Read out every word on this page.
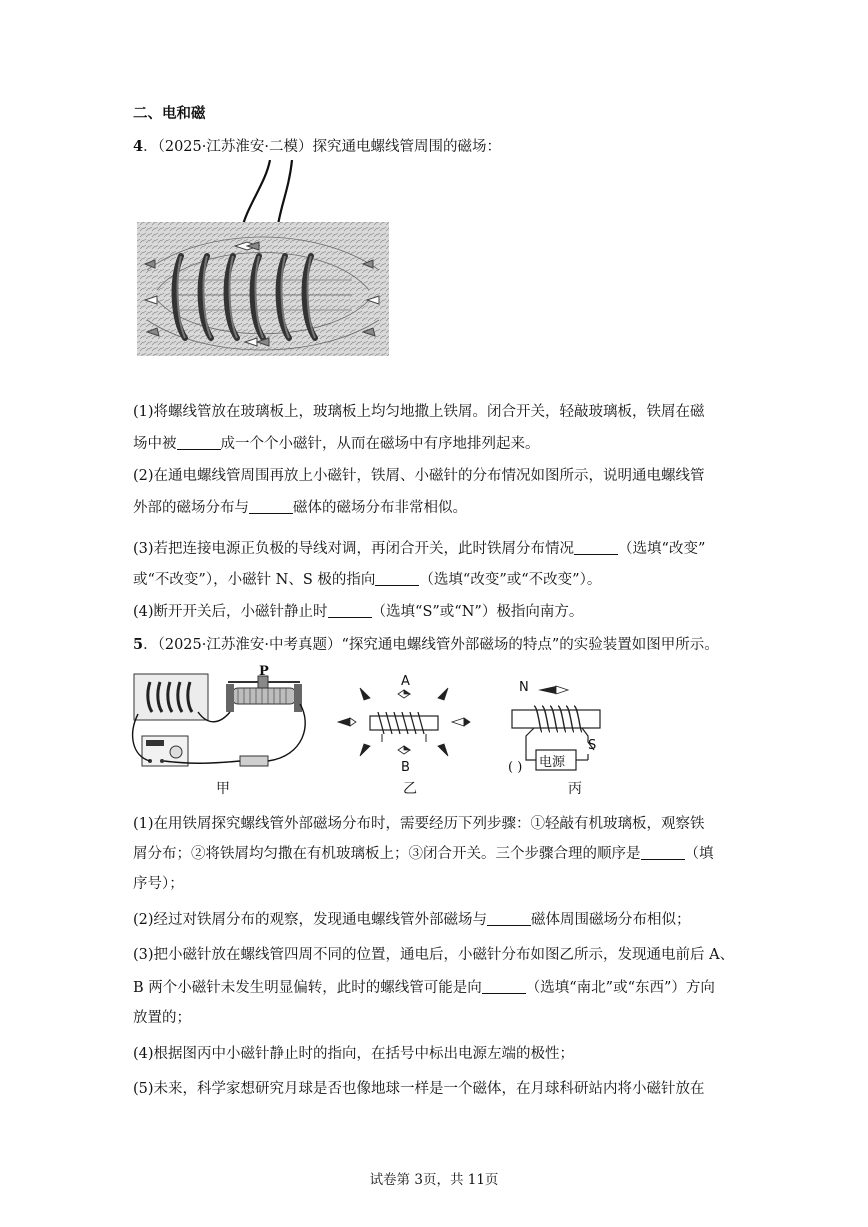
二、电和磁
4．（2025·江苏淮安·二模）探究通电螺线管周围的磁场：
(1)将螺线管放在玻璃板上，玻璃板上均匀地撒上铁屑。闭合开关，轻敲玻璃板，铁屑在磁
场中被	成一个个小磁针，从而在磁场中有序地排列起来。
(2)在通电螺线管周围再放上小磁针，铁屑、小磁针的分布情况如图所示，说明通电螺线管
外部的磁场分布与	磁体的磁场分布非常相似。
(3)若把连接电源正负极的导线对调，再闭合开关，此时铁屑分布情况	（选填“改变”
或“不改变”），小磁针 N、S 极的指向	（选填“改变”或“不改变”）。
(4)断开开关后，小磁针静止时	（选填“S”或“N”）极指向南方。
5．（2025·江苏淮安·中考真题）“探究通电螺线管外部磁场的特点”的实验装置如图甲所示。
P
甲
A
B
乙
N
S
电源
( )
丙
(1)在用铁屑探究螺线管外部磁场分布时，需要经历下列步骤：①轻敲有机玻璃板，观察铁
屑分布；②将铁屑均匀撒在有机玻璃板上；③闭合开关。三个步骤合理的顺序是	（填
序号）；
(2)经过对铁屑分布的观察，发现通电螺线管外部磁场与	磁体周围磁场分布相似；
(3)把小磁针放在螺线管四周不同的位置，通电后，小磁针分布如图乙所示，发现通电前后 A、
B 两个小磁针未发生明显偏转，此时的螺线管可能是向	（选填“南北”或“东西”）方向
放置的；
(4)根据图丙中小磁针静止时的指向，在括号中标出电源左端的极性；
(5)未来，科学家想研究月球是否也像地球一样是一个磁体，在月球科研站内将小磁针放在
试卷第 3页，共 11页
